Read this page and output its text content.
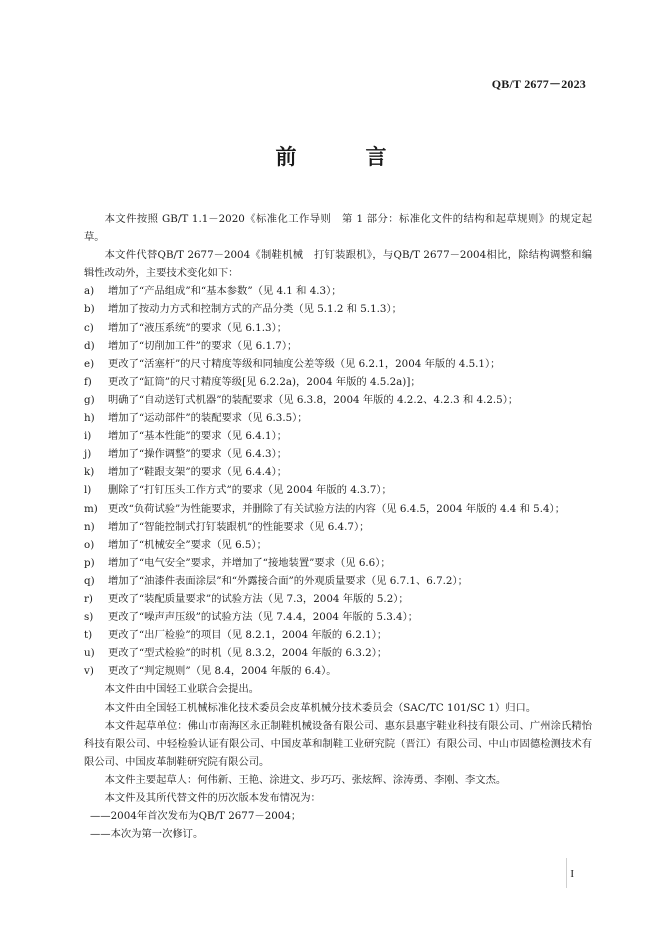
QB/T 2677－2023
前　言

本文件按照 GB/T 1.1－2020《标准化工作导则　第 1 部分：标准化文件的结构和起草规则》的规定起草。

本文件代替QB/T 2677－2004《制鞋机械　打钉装跟机》，与QB/T 2677－2004相比，除结构调整和编辑性改动外，主要技术变化如下：

a)	增加了“产品组成”和“基本参数”（见 4.1 和 4.3）；
b)	增加了按动力方式和控制方式的产品分类（见 5.1.2 和 5.1.3）；
c)	增加了“液压系统”的要求（见 6.1.3）；
d)	增加了“切削加工件”的要求（见 6.1.7）；
e)	更改了“活塞杆”的尺寸精度等级和同轴度公差等级（见 6.2.1，2004 年版的 4.5.1）；
f)	更改了“缸筒”的尺寸精度等级[见 6.2.2a)，2004 年版的 4.5.2a)]；
g)	明确了“自动送钉式机器”的装配要求（见 6.3.8，2004 年版的 4.2.2、4.2.3 和 4.2.5）；
h)	增加了“运动部件”的装配要求（见 6.3.5）；
i)	增加了“基本性能”的要求（见 6.4.1）；
j)	增加了“操作调整”的要求（见 6.4.3）；
k)	增加了“鞋跟支架”的要求（见 6.4.4）；
l)	删除了“打钉压头工作方式”的要求（见 2004 年版的 4.3.7）；
m) 更改“负荷试验”为性能要求，并删除了有关试验方法的内容（见 6.4.5，2004 年版的 4.4 和 5.4）；
n)	增加了“智能控制式打钉装跟机”的性能要求（见 6.4.7）；
o)	增加了“机械安全”要求（见 6.5）；
p)	增加了“电气安全”要求，并增加了“接地装置”要求（见 6.6）；
q)	增加了“油漆件表面涂层”和“外露接合面”的外观质量要求（见 6.7.1、6.7.2）；
r)	更改了“装配质量要求”的试验方法（见 7.3，2004 年版的 5.2）；
s)	更改了“噪声声压级”的试验方法（见 7.4.4，2004 年版的 5.3.4）；
t)	更改了“出厂检验”的项目（见 8.2.1，2004 年版的 6.2.1）；
u)	更改了“型式检验”的时机（见 8.3.2，2004 年版的 6.3.2）；
v)	更改了“判定规则”（见 8.4，2004 年版的 6.4）。

本文件由中国轻工业联合会提出。

本文件由全国轻工机械标准化技术委员会皮革机械分技术委员会（SAC/TC 101/SC 1）归口。

本文件起草单位：佛山市南海区永正制鞋机械设备有限公司、惠东县惠宇鞋业科技有限公司、广州涂氏精怡科技有限公司、中轻检验认证有限公司、中国皮革和制鞋工业研究院（晋江）有限公司、中山市固德检测技术有限公司、中国皮革制鞋研究院有限公司。

本文件主要起草人：何伟新、王艳、涂进文、步巧巧、张炫辉、涂涛勇、李刚、李文杰。

本文件及其所代替文件的历次版本发布情况为：

——2004年首次发布为QB/T 2677－2004；

——本次为第一次修订。

I
